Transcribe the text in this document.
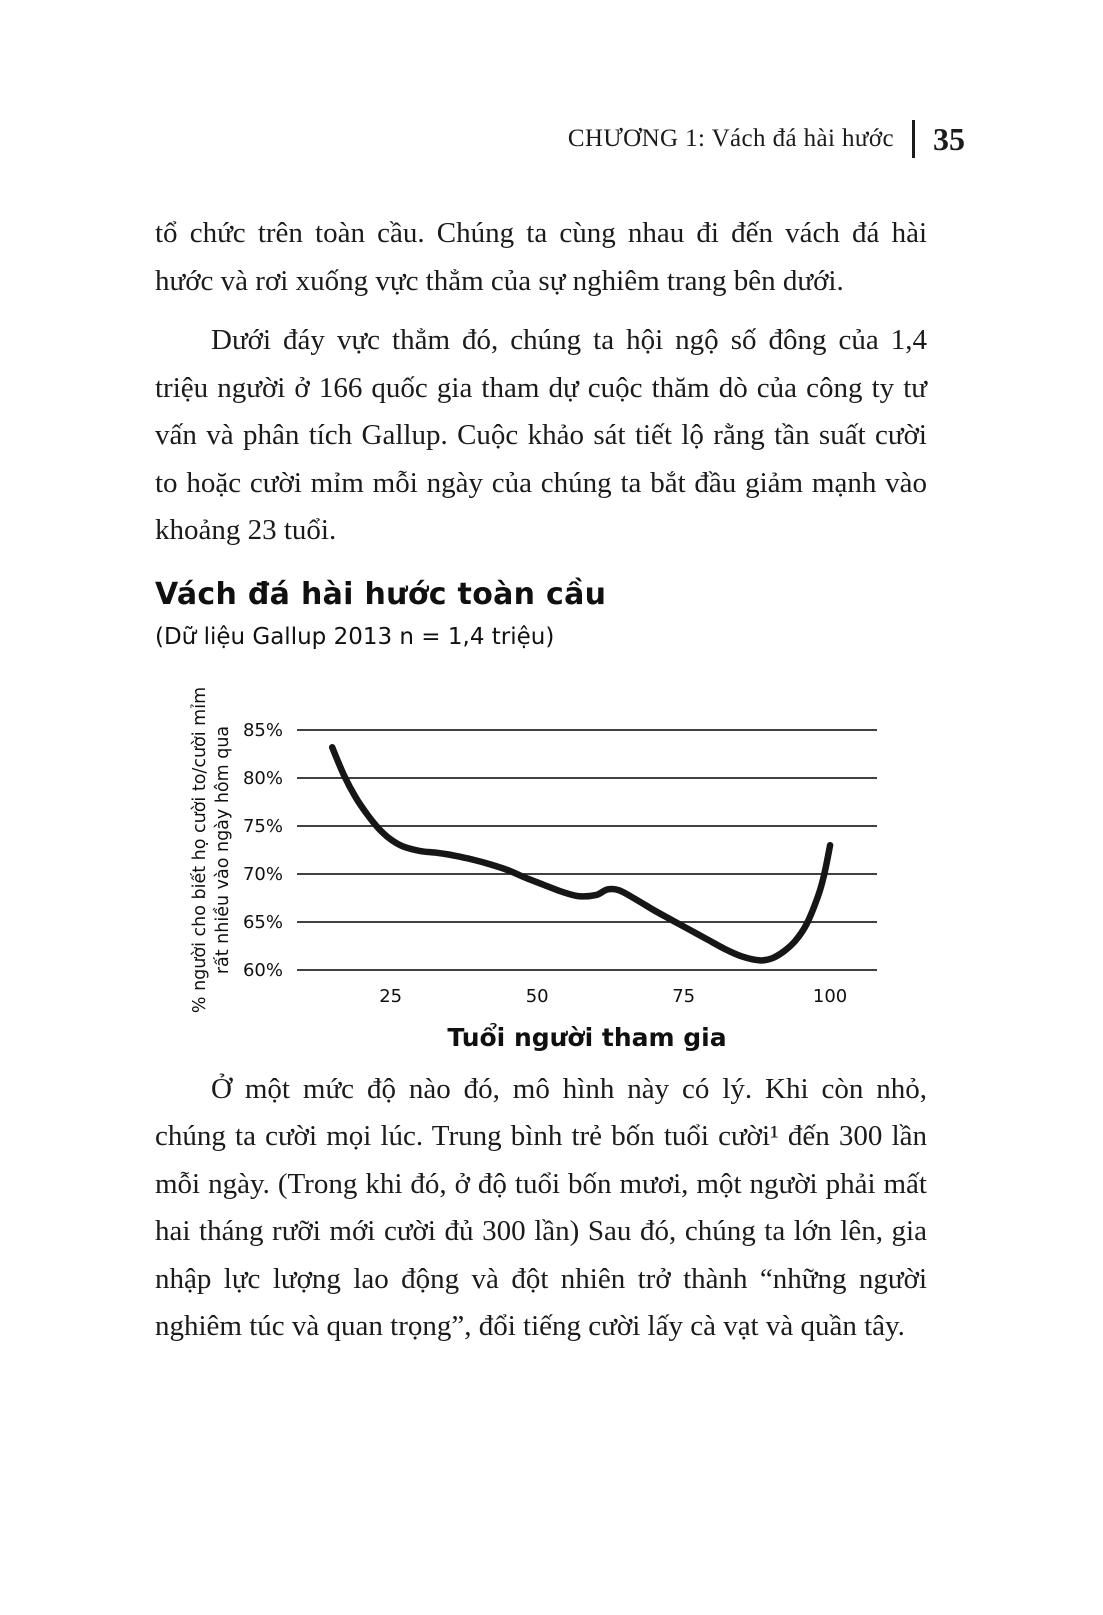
CHƯƠNG 1: Vách đá hài hước 35

tổ chức trên toàn cầu. Chúng ta cùng nhau đi đến vách đá hài hước và rơi xuống vực thẳm của sự nghiêm trang bên dưới.

Dưới đáy vực thẳm đó, chúng ta hội ngộ số đông của 1,4 triệu người ở 166 quốc gia tham dự cuộc thăm dò của công ty tư vấn và phân tích Gallup. Cuộc khảo sát tiết lộ rằng tần suất cười to hoặc cười mỉm mỗi ngày của chúng ta bắt đầu giảm mạnh vào khoảng 23 tuổi.

Vách đá hài hước toàn cầu
(Dữ liệu Gallup 2013 n = 1,4 triệu)
85%
80%
75%
70%
65%
60%
25	50	75	100
% người cho biết họ cười to/cười mỉm rất nhiều vào ngày hôm qua
Tuổi người tham gia

Ở một mức độ nào đó, mô hình này có lý. Khi còn nhỏ, chúng ta cười mọi lúc. Trung bình trẻ bốn tuổi cười¹ đến 300 lần mỗi ngày. (Trong khi đó, ở độ tuổi bốn mươi, một người phải mất hai tháng rưỡi mới cười đủ 300 lần) Sau đó, chúng ta lớn lên, gia nhập lực lượng lao động và đột nhiên trở thành “những người nghiêm túc và quan trọng”, đổi tiếng cười lấy cà vạt và quần tây.
